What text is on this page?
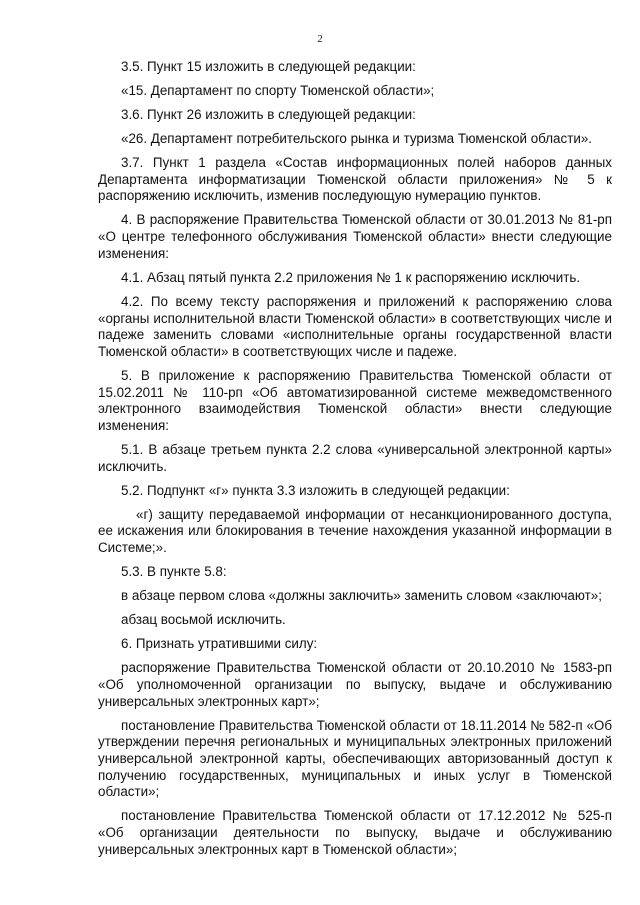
2

3.5. Пункт 15 изложить в следующей редакции:

«15. Департамент по спорту Тюменской области»;

3.6. Пункт 26 изложить в следующей редакции:

«26. Департамент потребительского рынка и туризма Тюменской области».

3.7. Пункт 1 раздела «Состав информационных полей наборов данных Департамента информатизации Тюменской области приложения» № 5 к распоряжению исключить, изменив последующую нумерацию пунктов.

4. В распоряжение Правительства Тюменской области от 30.01.2013 № 81-рп «О центре телефонного обслуживания Тюменской области» внести следующие изменения:

4.1. Абзац пятый пункта 2.2 приложения № 1 к распоряжению исключить.

4.2. По всему тексту распоряжения и приложений к распоряжению слова «органы исполнительной власти Тюменской области» в соответствующих числе и падеже заменить словами «исполнительные органы государственной власти Тюменской области» в соответствующих числе и падеже.

5. В приложение к распоряжению Правительства Тюменской области от 15.02.2011 № 110-рп «Об автоматизированной системе межведомственного электронного взаимодействия Тюменской области» внести следующие изменения:

5.1. В абзаце третьем пункта 2.2 слова «универсальной электронной карты» исключить.

5.2. Подпункт «г» пункта 3.3 изложить в следующей редакции:

«г) защиту передаваемой информации от несанкционированного доступа, ее искажения или блокирования в течение нахождения указанной информации в Системе;».

5.3. В пункте 5.8:

в абзаце первом слова «должны заключить» заменить словом «заключают»;

абзац восьмой исключить.

6. Признать утратившими силу:

распоряжение Правительства Тюменской области от 20.10.2010 № 1583-рп «Об уполномоченной организации по выпуску, выдаче и обслуживанию универсальных электронных карт»;

постановление Правительства Тюменской области от 18.11.2014 № 582-п «Об утверждении перечня региональных и муниципальных электронных приложений универсальной электронной карты, обеспечивающих авторизованный доступ к получению государственных, муниципальных и иных услуг в Тюменской области»;

постановление Правительства Тюменской области от 17.12.2012 № 525-п «Об организации деятельности по выпуску, выдаче и обслуживанию универсальных электронных карт в Тюменской области»;
